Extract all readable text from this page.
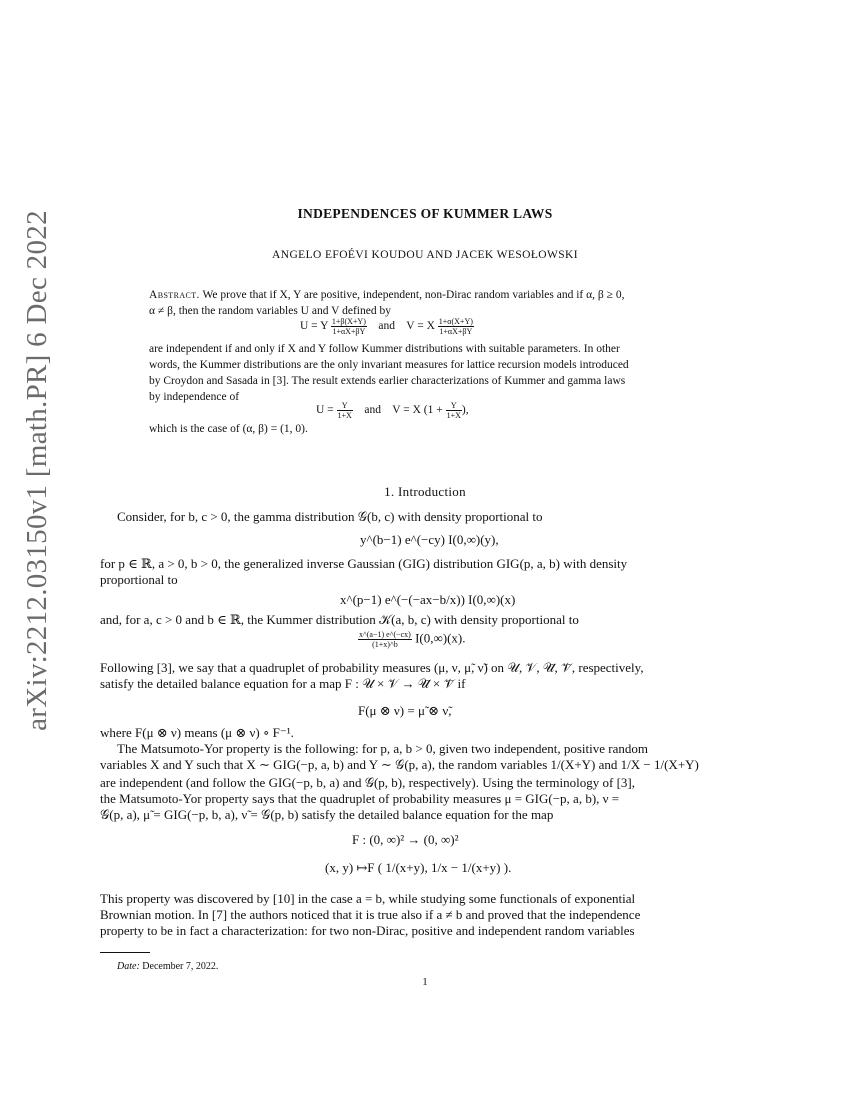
arXiv:2212.03150v1 [math.PR] 6 Dec 2022	INDEPENDENCES OF KUMMER LAWS
ANGELO EFOÉVI KOUDOU AND JACEK WESOŁOWSKI
Abstract. We prove that if X, Y are positive, independent, non-Dirac random variables and if α, β ≥ 0,
α ≠ β, then the random variables U and V defined by
U = Y $\frac{1+\beta(X+Y)}{1+\alpha X+\beta Y}$ and V = X $\frac{1+\alpha(X+Y)}{1+\alpha X+\beta Y}$
are independent if and only if X and Y follow Kummer distributions with suitable parameters. In other
words, the Kummer distributions are the only invariant measures for lattice recursion models introduced
by Croydon and Sasada in [3]. The result extends earlier characterizations of Kummer and gamma laws
by independence of
$U = \frac{Y}{1+X}$ and V = X ($1 + \frac{Y}{1+X}$ ),
which is the case of (α, β) = (1, 0).
1. Introduction
Consider, for b, c > 0, the gamma distribution 𝒢(b, c) with density proportional to
y^(b−1) e^(−cy) I(0,∞)(y),
for p ∈ ℝ, a > 0, b > 0, the generalized inverse Gaussian (GIG) distribution GIG(p, a, b) with density
proportional to
x^(p−1) e^(−(−ax−b/x)) I(0,∞)(x)
and, for a, c > 0 and b ∈ ℝ, the Kummer distribution 𝒦(a, b, c) with density proportional to
$\frac{x\^{}(a-1) e\^{}(-cx)}{(1+x)\^{}b} I(0,\infty)(x)$.
Following [3], we say that a quadruplet of probability measures (μ, ν, μ̃, ν̃) on 𝒰, 𝒱, 𝒰̃, 𝒱̃, respectively,
satisfy the detailed balance equation for a map F : 𝒰 × 𝒱 → 𝒰̃ × 𝒱̃ if
F(μ ⊗ ν) = μ̃ ⊗ ν̃,
where F(μ ⊗ ν) means (μ ⊗ ν) ∘ F⁻¹.
The Matsumoto-Yor property is the following: for p, a, b > 0, given two independent, positive random
variables X and Y such that X ∼ GIG(−p, a, b) and Y ∼ 𝒢(p, a), the random variables 1/(X+Y) and 1/X − 1/(X+Y)
are independent (and follow the GIG(−p, b, a) and 𝒢(p, b), respectively). Using the terminology of [3],
the Matsumoto-Yor property says that the quadruplet of probability measures μ = GIG(−p, a, b), ν =
𝒢(p, a), μ̃ = GIG(−p, b, a), ν̃ = 𝒢(p, b) satisfy the detailed balance equation for the map
F : (0, ∞)² → (0, ∞)²
(x, y) ↦F ( 1/(x+y), 1/x − 1/(x+y) ).
This property was discovered by [10] in the case a = b, while studying some functionals of exponential
Brownian motion. In [7] the authors noticed that it is true also if a ≠ b and proved that the independence
property to be in fact a characterization: for two non-Dirac, positive and independent random variables
Date: December 7, 2022.
1
